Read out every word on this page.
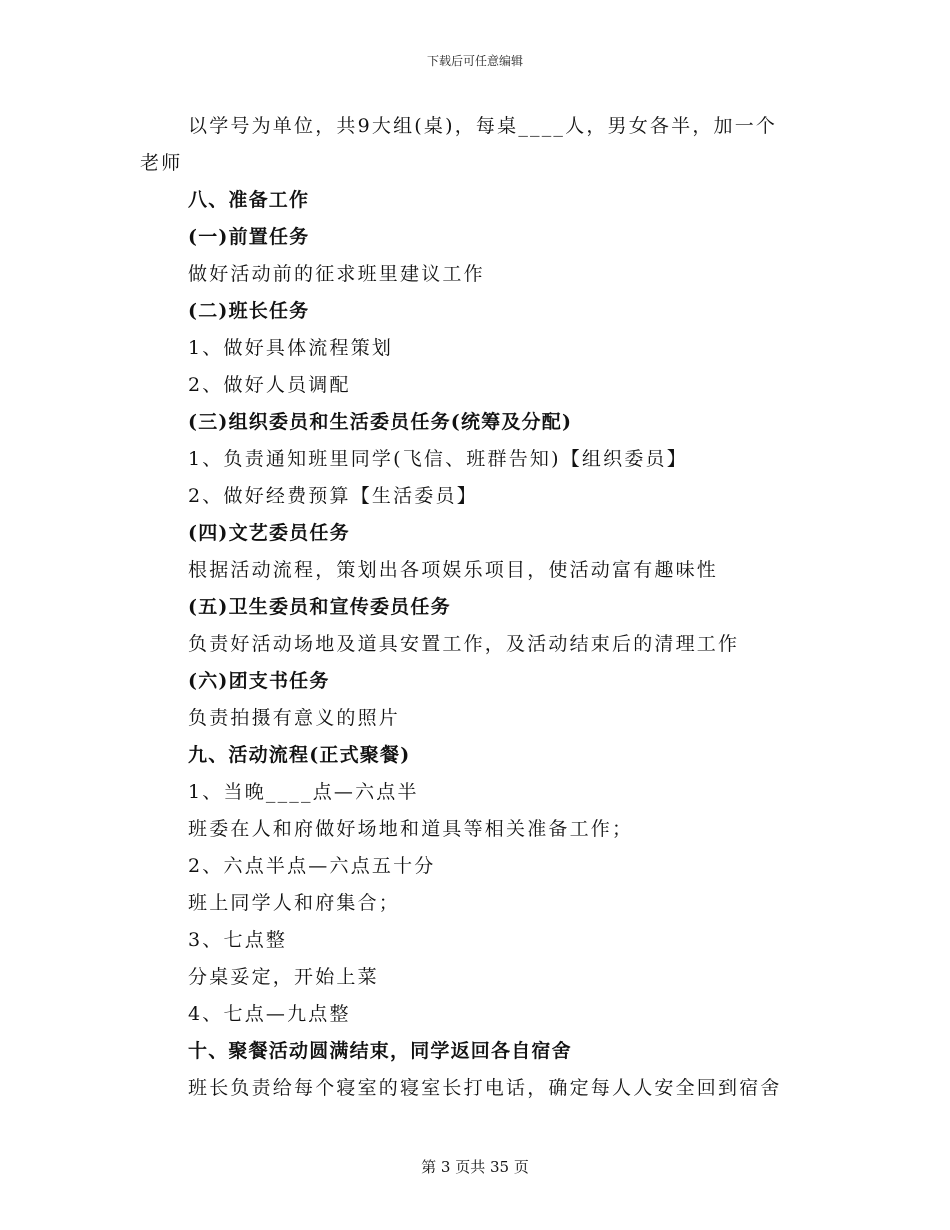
下载后可任意编辑
以学号为单位，共9大组(桌)，每桌____人，男女各半，加一个
老师
八、准备工作
(一)前置任务
做好活动前的征求班里建议工作
(二)班长任务
1、做好具体流程策划
2、做好人员调配
(三)组织委员和生活委员任务(统筹及分配)
1、负责通知班里同学(飞信、班群告知)【组织委员】
2、做好经费预算【生活委员】
(四)文艺委员任务
根据活动流程，策划出各项娱乐项目，使活动富有趣味性
(五)卫生委员和宣传委员任务
负责好活动场地及道具安置工作，及活动结束后的清理工作
(六)团支书任务
负责拍摄有意义的照片
九、活动流程(正式聚餐)
1、当晚____点—六点半
班委在人和府做好场地和道具等相关准备工作；
2、六点半点—六点五十分
班上同学人和府集合；
3、七点整
分桌妥定，开始上菜
4、七点—九点整
十、聚餐活动圆满结束，同学返回各自宿舍
班长负责给每个寝室的寝室长打电话，确定每人人安全回到宿舍
第 3 页共 35 页
